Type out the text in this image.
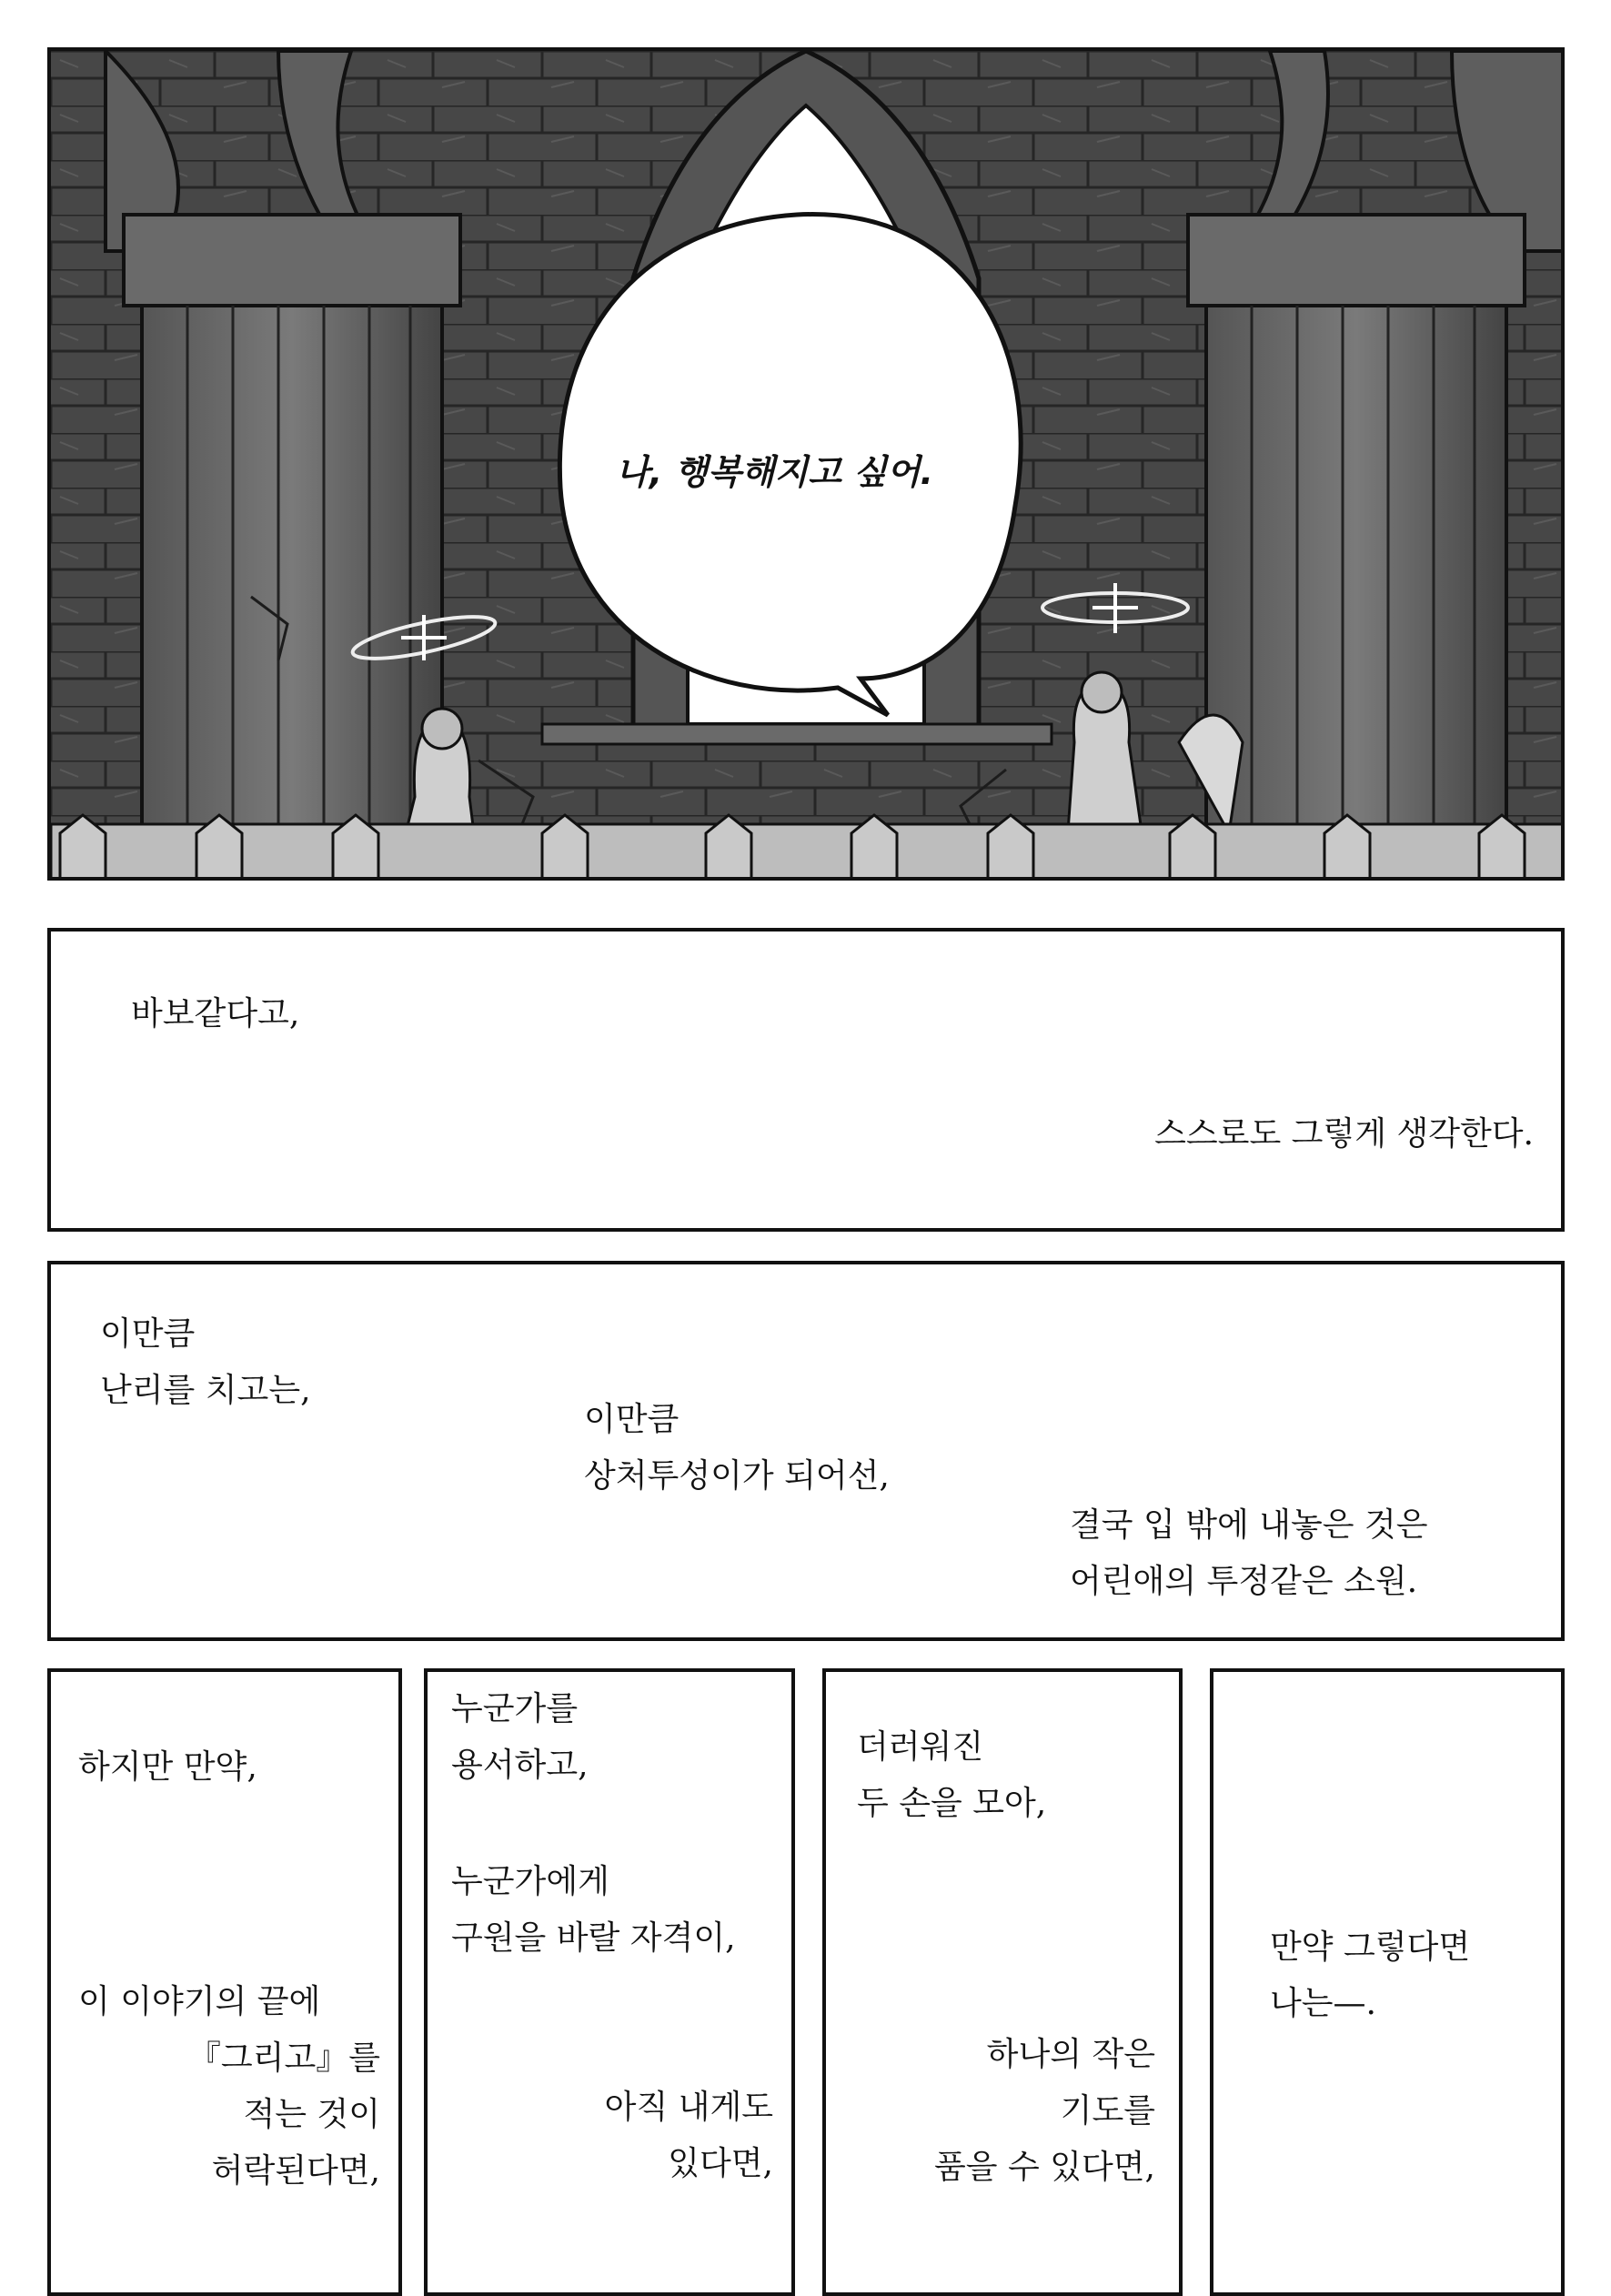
나, 행복해지고 싶어.
바보같다고,
스스로도 그렇게 생각한다.
이만큼
난리를 치고는,
이만큼
상처투성이가 되어선,
결국 입 밖에 내놓은 것은
어린애의 투정같은 소원.
하지만 만약,
이 이야기의 끝에
『그리고』를
적는 것이
허락된다면,
누군가를
용서하고,
누군가에게
구원을 바랄 자격이,
아직 내게도
있다면,
더러워진
두 손을 모아,
하나의 작은
기도를
품을 수 있다면,
만약 그렇다면
나는—.
